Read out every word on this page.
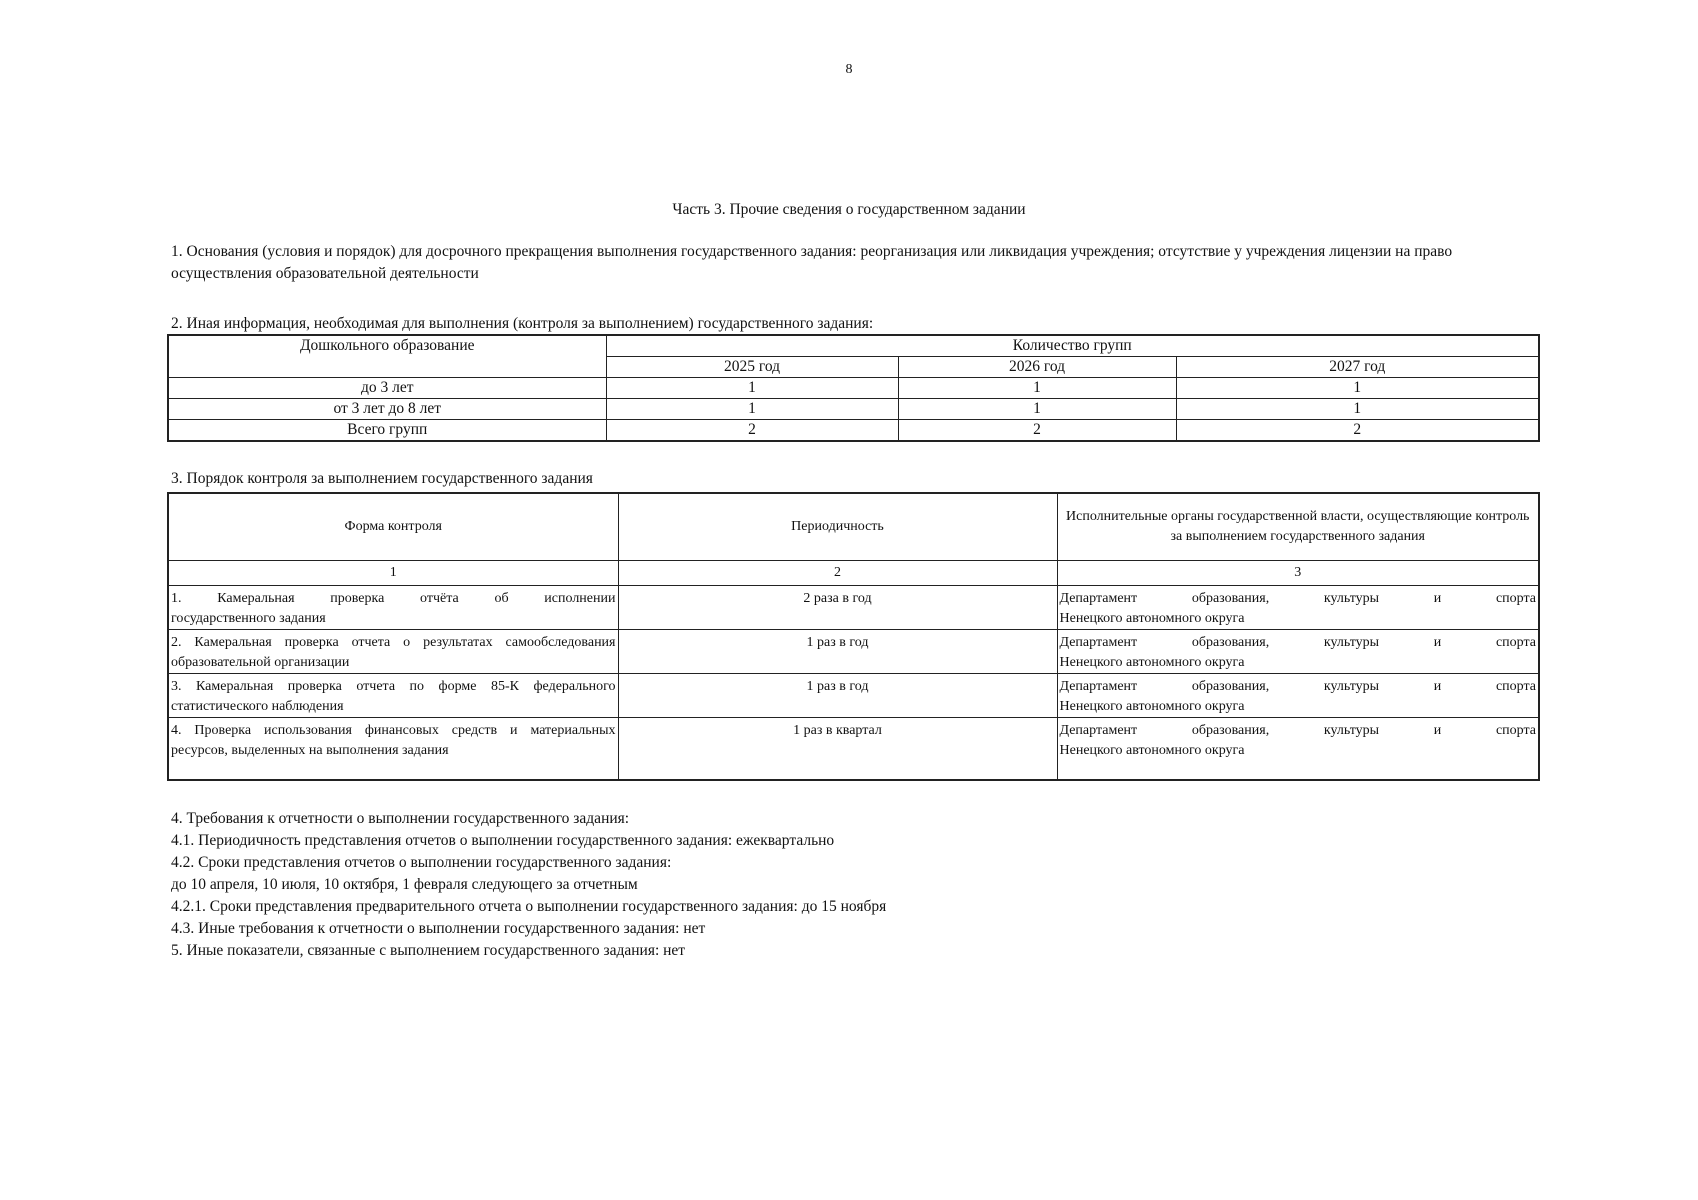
8
Часть 3. Прочие сведения о государственном задании
1. Основания (условия и порядок) для досрочного прекращения выполнения государственного задания: реорганизация или ликвидация учреждения; отсутствие у учреждения лицензии на право осуществления образовательной деятельности
2. Иная информация, необходимая для выполнения (контроля за выполнением) государственного задания:
Дошкольного образование	Количество групп		
	2025 год	2026 год	2027 год
до 3 лет	1	1	1
от 3 лет до 8 лет	1	1	1
Всего групп	2	2	2
3. Порядок контроля за выполнением государственного задания
Форма контроля	Периодичность	Исполнительные органы государственной власти, осуществляющие контроль за выполнением государственного задания
1	2	3

1. Камеральная проверка отчёта об исполнении
государственного задания	2 раза в год	Департамент образования, культуры и спорта
Ненецкого автономного округа

2. Камеральная проверка отчета о результатах самообследования
образовательной организации	1 раз в год	Департамент образования, культуры и спорта
Ненецкого автономного округа

3. Камеральная проверка отчета по форме 85-К федерального
статистического наблюдения	1 раз в год	Департамент образования, культуры и спорта
Ненецкого автономного округа

4. Проверка использования финансовых средств и материальных
ресурсов, выделенных на выполнения задания	1 раз в квартал	Департамент образования, культуры и спорта
Ненецкого автономного округа
4. Требования к отчетности о выполнении государственного задания:
4.1. Периодичность представления отчетов о выполнении государственного задания: ежеквартально
4.2. Сроки представления отчетов о выполнении государственного задания:
до 10 апреля, 10 июля, 10 октября, 1 февраля следующего за отчетным
4.2.1. Сроки представления предварительного отчета о выполнении государственного задания: до 15 ноября
4.3. Иные требования к отчетности о выполнении государственного задания: нет
5. Иные показатели, связанные с выполнением государственного задания: нет
